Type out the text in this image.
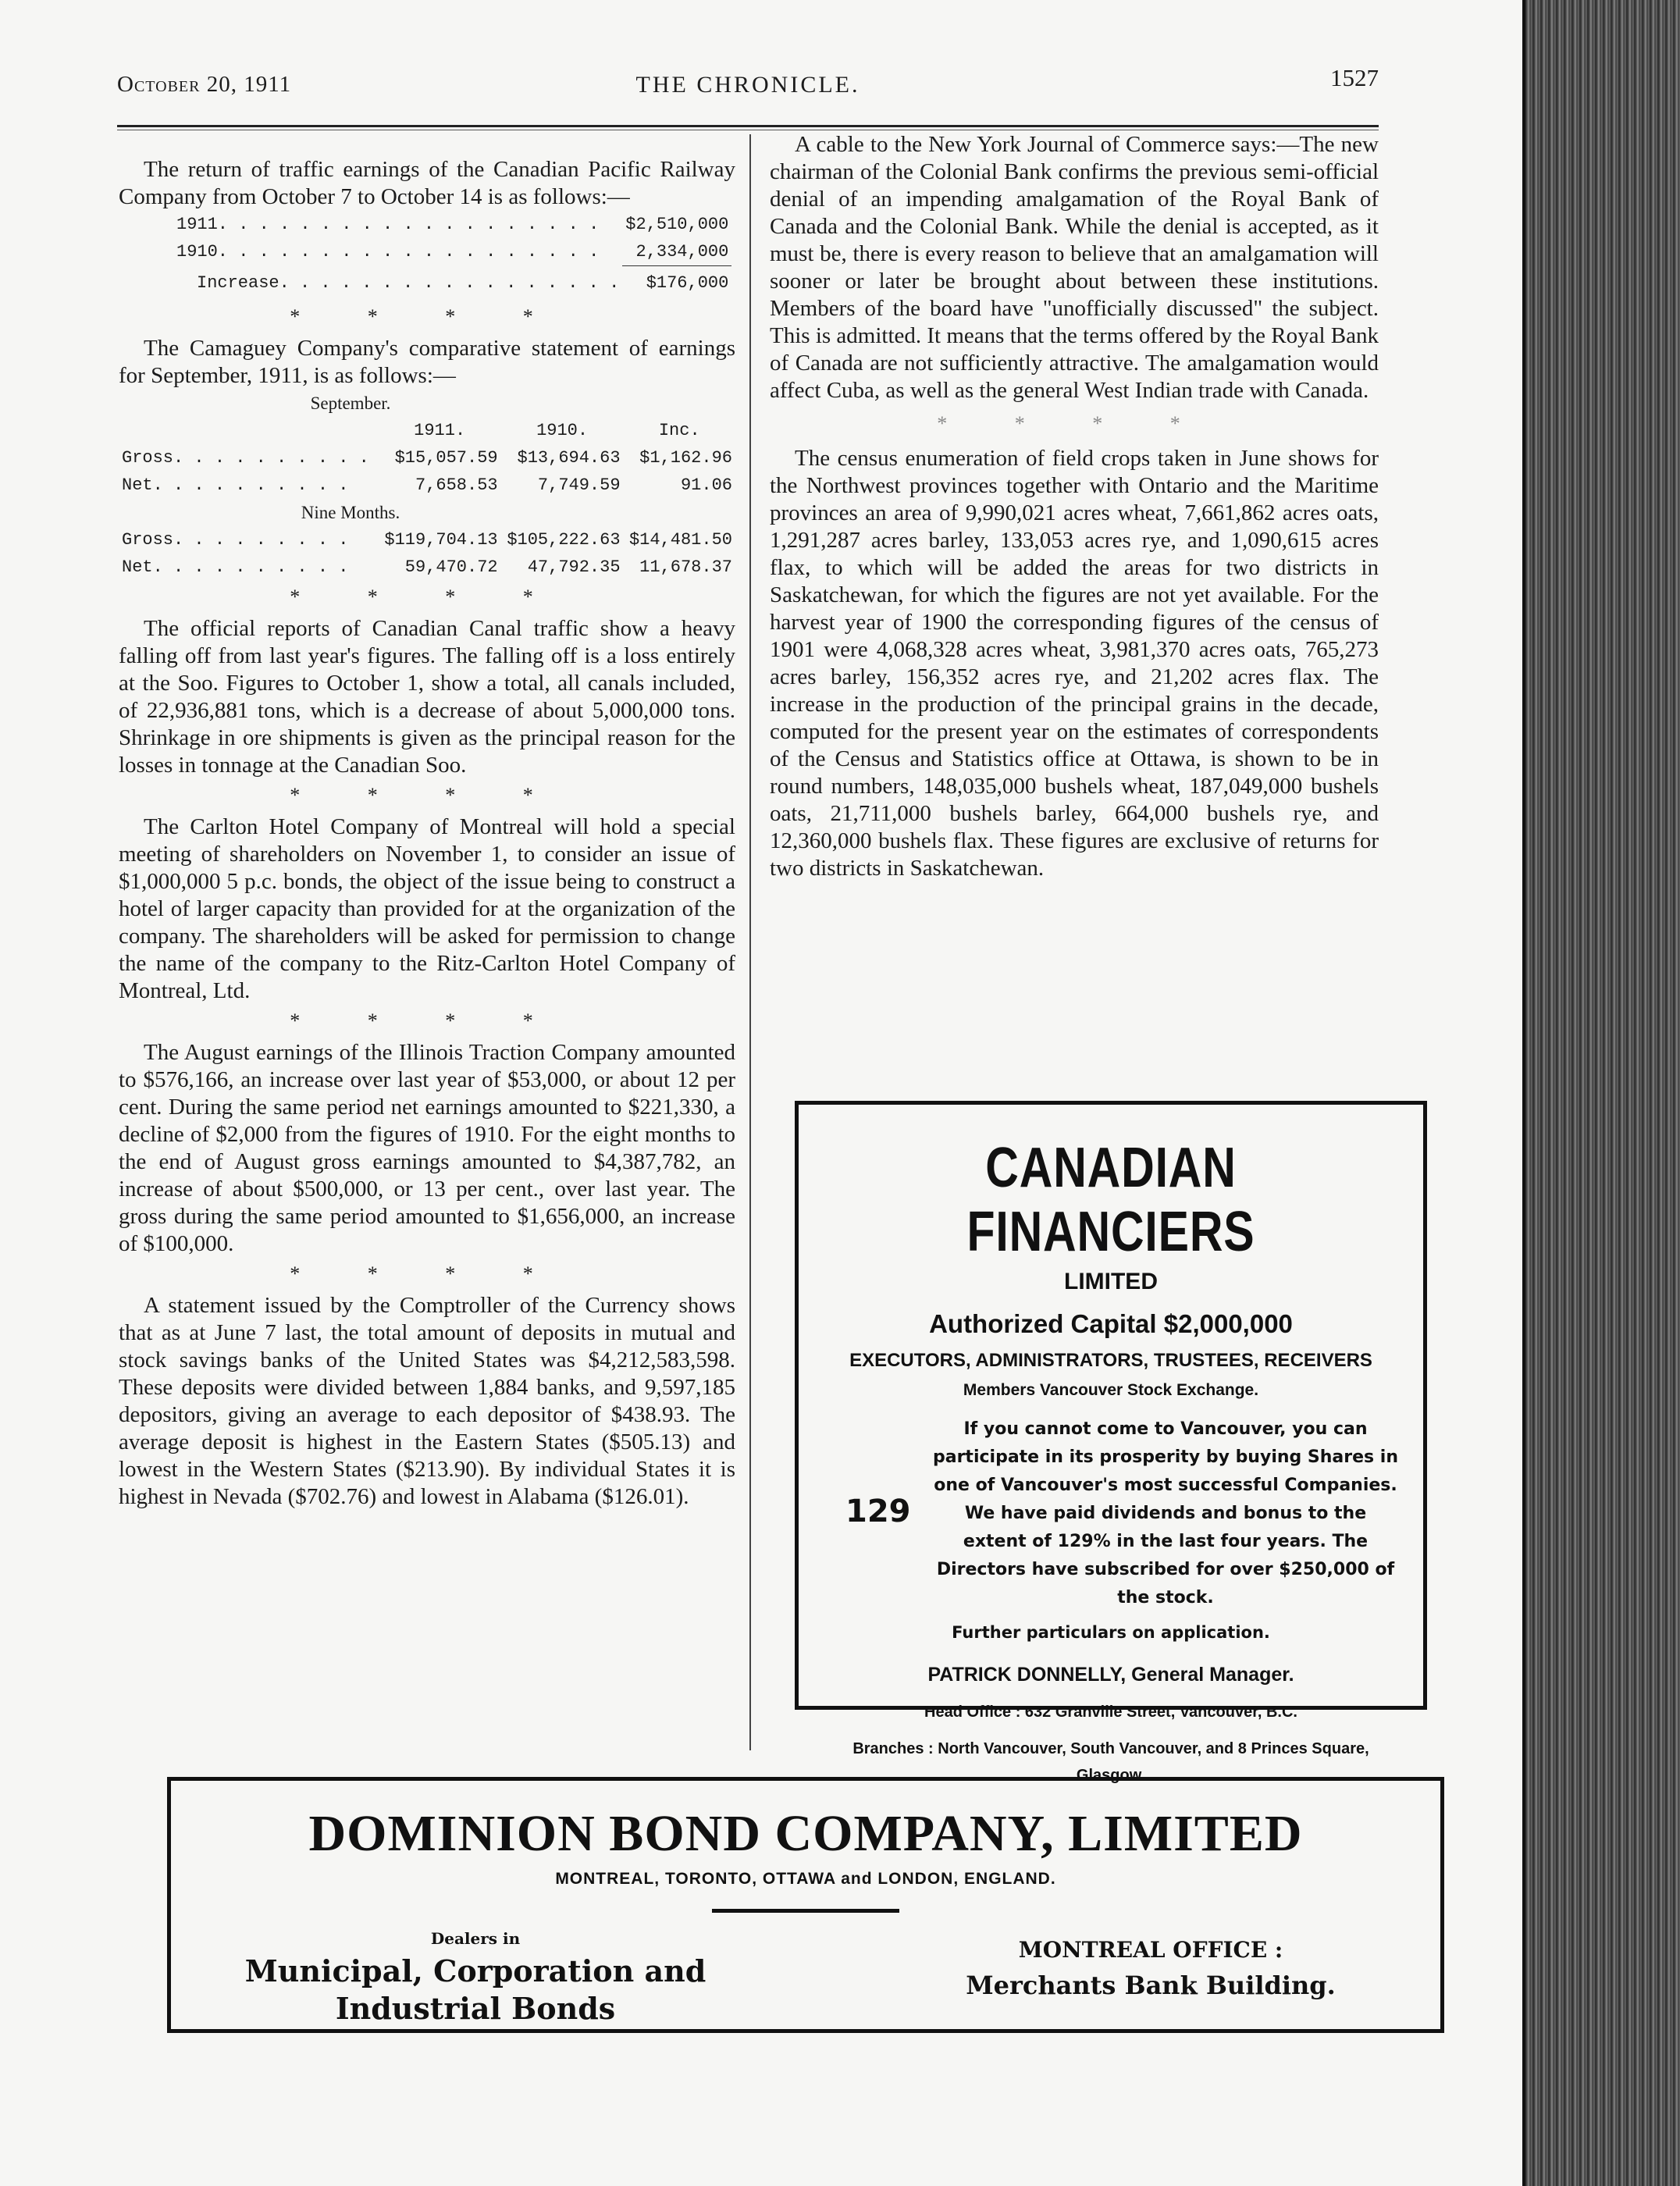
October 20, 1911	THE CHRONICLE.	1527

The return of traffic earnings of the Canadian Pacific Railway Company from October 7 to October 14 is as follows:—

1911. . . . . . . . . . . . . . . . . . .	$2,510,000
1910. . . . . . . . . . . . . . . . . . .	2,334,000
Increase. . . . . . . . . . . . . . . . .	$176,000
* * * *

The Camaguey Company's comparative statement of earnings for September, 1911, is as follows:—

September.			
	1911.	1910.	Inc.
Gross. . . . . . . . . .	$15,057.59	$13,694.63	$1,162.96
Net. . . . . . . . . .	7,658.53	7,749.59	91.06
Nine Months.			
Gross. . . . . . . . .	$119,704.13	$105,222.63	$14,481.50
Net. . . . . . . . . .	59,470.72	47,792.35	11,678.37
* * * *

The official reports of Canadian Canal traffic show a heavy falling off from last year's figures. The falling off is a loss entirely at the Soo. Figures to October 1, show a total, all canals included, of 22,936,881 tons, which is a decrease of about 5,000,000 tons. Shrinkage in ore shipments is given as the principal reason for the losses in tonnage at the Canadian Soo.

* * * *

The Carlton Hotel Company of Montreal will hold a special meeting of shareholders on November 1, to consider an issue of $1,000,000 5 p.c. bonds, the object of the issue being to construct a hotel of larger capacity than provided for at the organization of the company. The shareholders will be asked for permission to change the name of the company to the Ritz-Carlton Hotel Company of Montreal, Ltd.

* * * *

The August earnings of the Illinois Traction Company amounted to $576,166, an increase over last year of $53,000, or about 12 per cent. During the same period net earnings amounted to $221,330, a decline of $2,000 from the figures of 1910. For the eight months to the end of August gross earnings amounted to $4,387,782, an increase of about $500,000, or 13 per cent., over last year. The gross during the same period amounted to $1,656,000, an increase of $100,000.

* * * *

A statement issued by the Comptroller of the Currency shows that as at June 7 last, the total amount of deposits in mutual and stock savings banks of the United States was $4,212,583,598. These deposits were divided between 1,884 banks, and 9,597,185 depositors, giving an average to each depositor of $438.93. The average deposit is highest in the Eastern States ($505.13) and lowest in the Western States ($213.90). By individual States it is highest in Nevada ($702.76) and lowest in Alabama ($126.01).

A cable to the New York Journal of Commerce says:—The new chairman of the Colonial Bank confirms the previous semi-official denial of an impending amalgamation of the Royal Bank of Canada and the Colonial Bank. While the denial is accepted, as it must be, there is every reason to believe that an amalgamation will sooner or later be brought about between these institutions. Members of the board have "unofficially discussed" the subject. This is admitted. It means that the terms offered by the Royal Bank of Canada are not sufficiently attractive. The amalgamation would affect Cuba, as well as the general West Indian trade with Canada.

* * * *

The census enumeration of field crops taken in June shows for the Northwest provinces together with Ontario and the Maritime provinces an area of 9,990,021 acres wheat, 7,661,862 acres oats, 1,291,287 acres barley, 133,053 acres rye, and 1,090,615 acres flax, to which will be added the areas for two districts in Saskatchewan, for which the figures are not yet available. For the harvest year of 1900 the corresponding figures of the census of 1901 were 4,068,328 acres wheat, 3,981,370 acres oats, 765,273 acres barley, 156,352 acres rye, and 21,202 acres flax. The increase in the production of the principal grains in the decade, computed for the present year on the estimates of correspondents of the Census and Statistics office at Ottawa, is shown to be in round numbers, 148,035,000 bushels wheat, 187,049,000 bushels oats, 21,711,000 bushels barley, 664,000 bushels rye, and 12,360,000 bushels flax. These figures are exclusive of returns for two districts in Saskatchewan.

CANADIAN FINANCIERS
LIMITED
Authorized Capital $2,000,000
EXECUTORS, ADMINISTRATORS, TRUSTEES, RECEIVERS
Members Vancouver Stock Exchange.
129
If you cannot come to Vancouver, you can participate in its prosperity by buying Shares in one of Vancouver's most successful Companies. We have paid dividends and bonus to the extent of 129% in the last four years. The Directors have subscribed for over $250,000 of the stock.
Further particulars on application.
PATRICK DONNELLY, General Manager.
Head Office : 632 Granville Street, Vancouver, B.C.
Branches : North Vancouver, South Vancouver, and 8 Princes Square, Glasgow.
DOMINION BOND COMPANY, LIMITED
MONTREAL, TORONTO, OTTAWA and LONDON, ENGLAND.
Dealers in
Municipal, Corporation and
Industrial Bonds
MONTREAL OFFICE :
Merchants Bank Building.
